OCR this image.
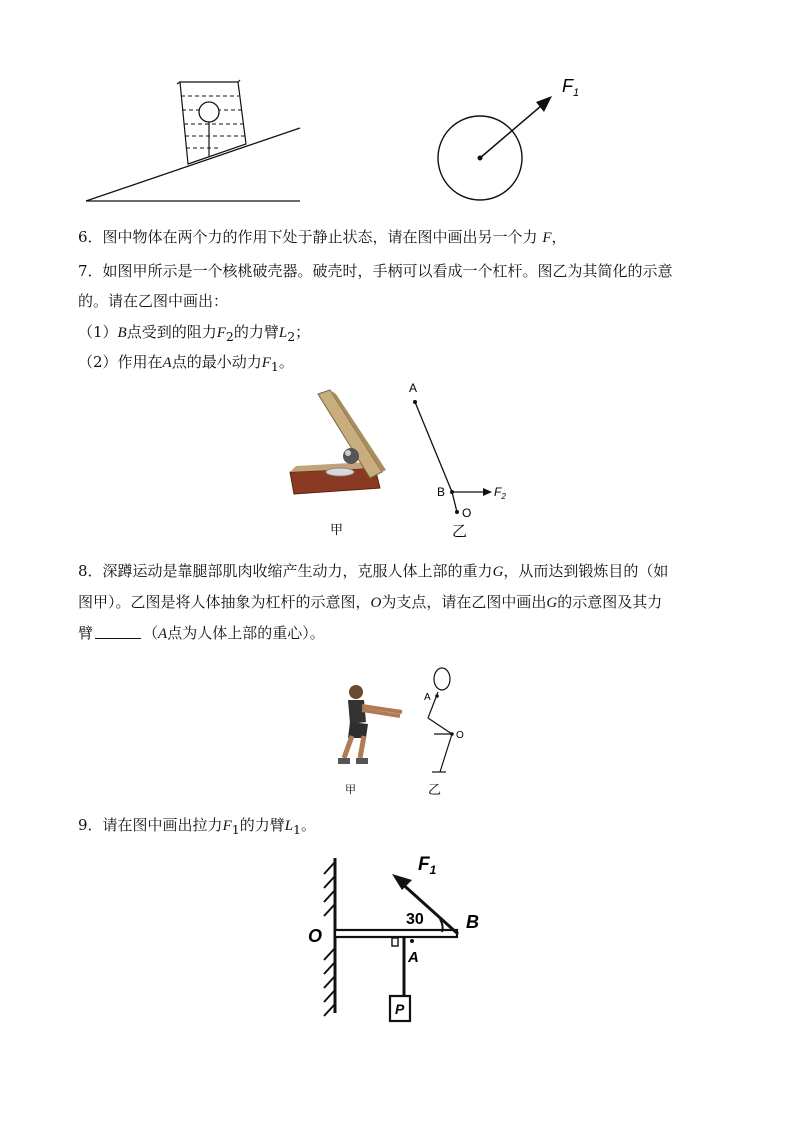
$F_1$
6．图中物体在两个力的作用下处于静止状态，请在图中画出另一个力 F，
7．如图甲所示是一个核桃破壳器。破壳时，手柄可以看成一个杠杆。图乙为其简化的示意
的。请在乙图中画出：
（1）B点受到的阻力$F_2$的力臂$L_2$；
（2）作用在A点的最小动力$F_1$。
甲
A
B
O
$F_2$
乙
8．深蹲运动是靠腿部肌肉收缩产生动力，克服人体上部的重力G，从而达到锻炼目的（如
图甲）。乙图是将人体抽象为杠杆的示意图，O为支点，请在乙图中画出G的示意图及其力
臂	（A点为人体上部的重心）。
甲
A
O
乙
9．请在图中画出拉力$F_1$的力臂$L_1$。
30
P
O
B
A
$F_1$
